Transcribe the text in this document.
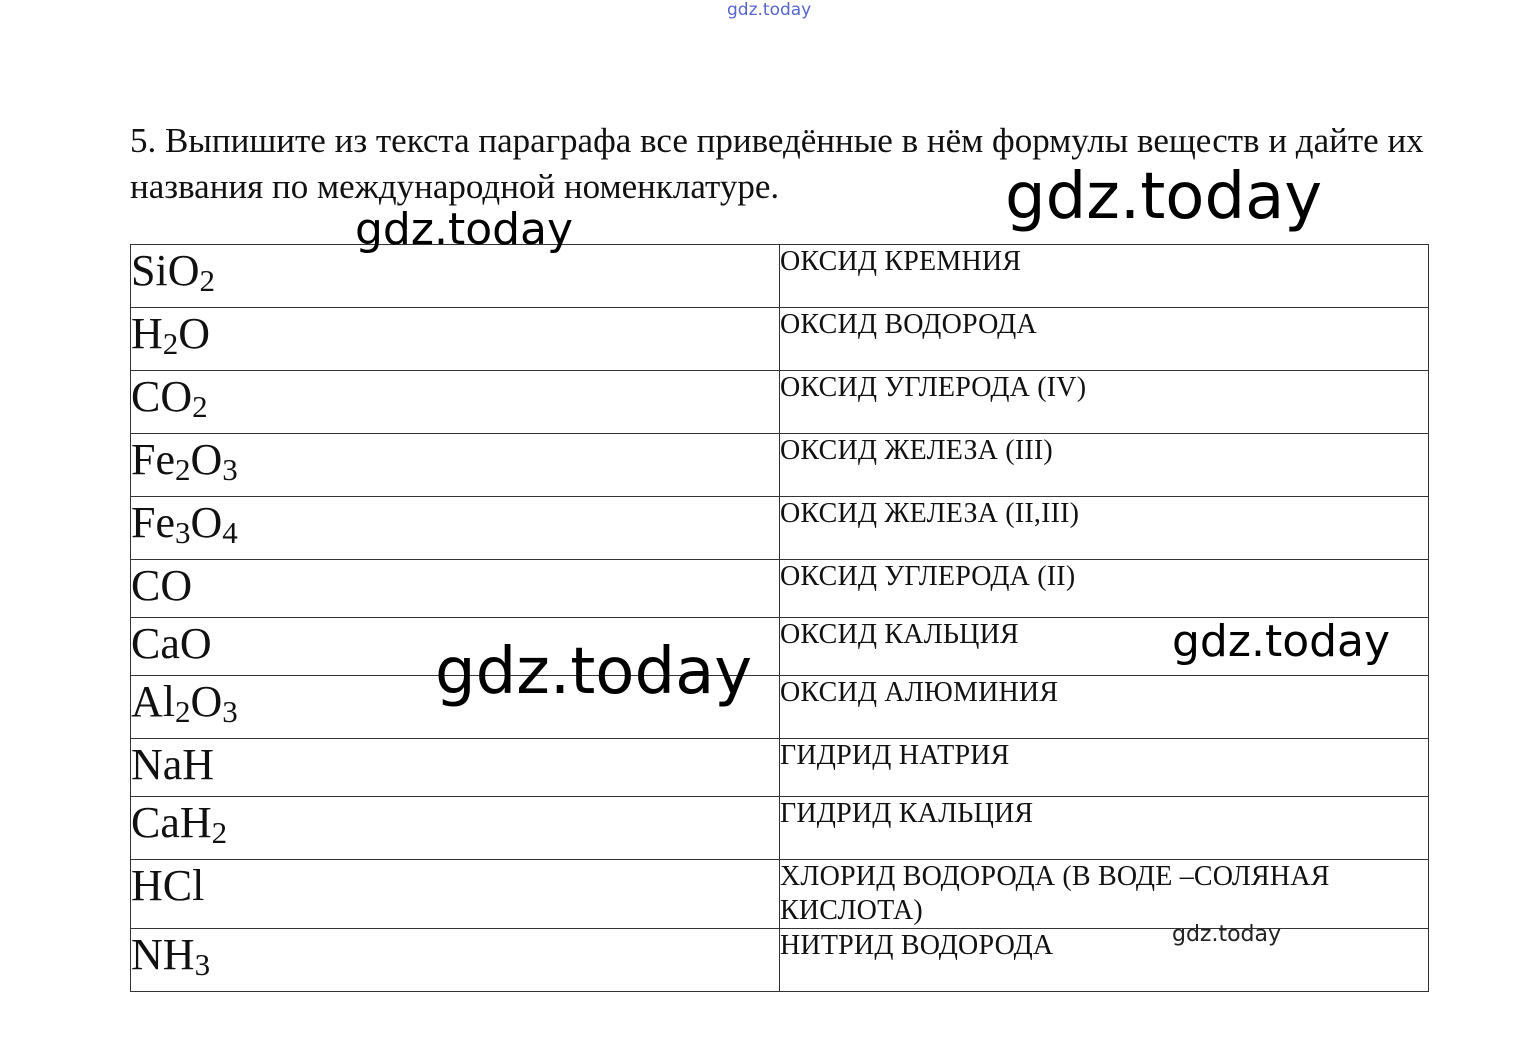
gdz.today
5. Выпишите из текста параграфа все приведённые в нём формулы веществ и дайте их названия по международной номенклатуре.
SiO$_2$	ОКСИД КРЕМНИЯ
$H_2O$	ОКСИД ВОДОРОДА
$CO_2$	ОКСИД УГЛЕРОДА (IV)
$Fe_2O_3$	ОКСИД ЖЕЛЕЗА (III)
$Fe_3O_4$	ОКСИД ЖЕЛЕЗА (II,III)
CO	ОКСИД УГЛЕРОДА (II)
CaO	ОКСИД КАЛЬЦИЯ
$Al_2O_3$	ОКСИД АЛЮМИНИЯ
NaH	ГИДРИД НАТРИЯ
CaH$_2$	ГИДРИД КАЛЬЦИЯ
HCl	ХЛОРИД ВОДОРОДА (В ВОДЕ –СОЛЯНАЯ КИСЛОТА)
$NH_3$	НИТРИД ВОДОРОДА
gdz.today
gdz.today
gdz.today	gdz.today
gdz.today
